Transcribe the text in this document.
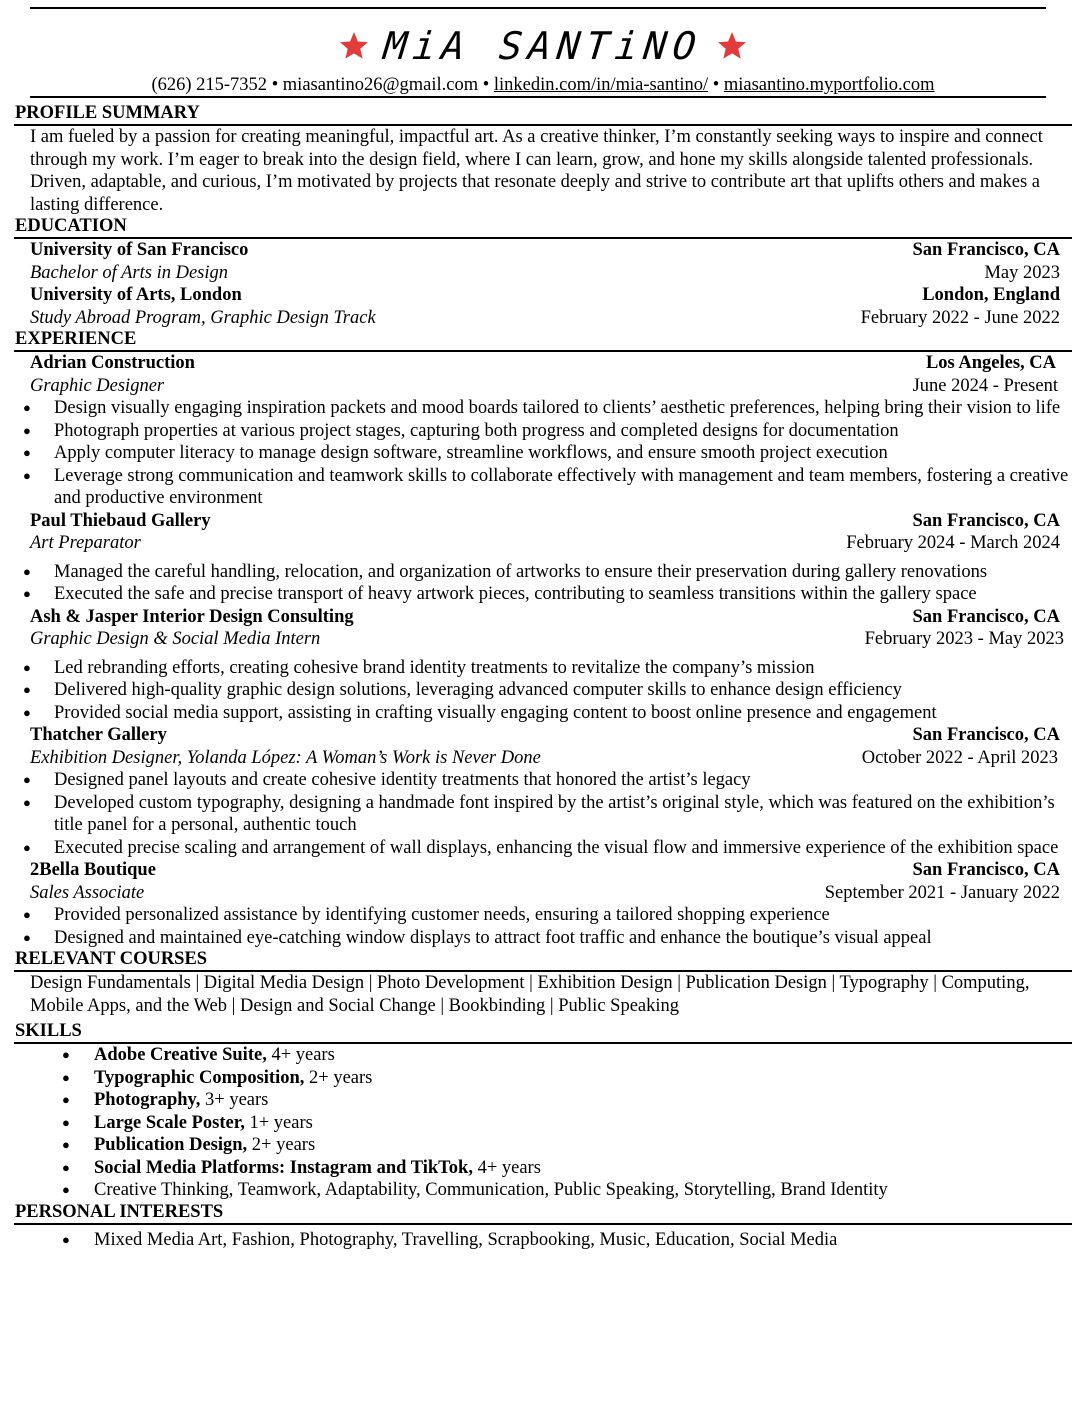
MiA SANTiNO
(626) 215-7352 • miasantino26@gmail.com • linkedin.com/in/mia-santino/ • miasantino.myportfolio.com
PROFILE SUMMARY
I am fueled by a passion for creating meaningful, impactful art. As a creative thinker, I’m constantly seeking ways to inspire and connect through my work. I’m eager to break into the design field, where I can learn, grow, and hone my skills alongside talented professionals. Driven, adaptable, and curious, I’m motivated by projects that resonate deeply and strive to contribute art that uplifts others and makes a lasting difference.
EDUCATION
University of San Francisco	San Francisco, CA
Bachelor of Arts in Design	May 2023
University of Arts, London	London, England
Study Abroad Program, Graphic Design Track	February 2022 - June 2022
EXPERIENCE
Adrian Construction	Los Angeles, CA
Graphic Designer	June 2024 - Present
● Design visually engaging inspiration packets and mood boards tailored to clients’ aesthetic preferences, helping bring their vision to life
● Photograph properties at various project stages, capturing both progress and completed designs for documentation
● Apply computer literacy to manage design software, streamline workflows, and ensure smooth project execution
● Leverage strong communication and teamwork skills to collaborate effectively with management and team members, fostering a creative and productive environment
Paul Thiebaud Gallery	San Francisco, CA
Art Preparator	February 2024 - March 2024
● Managed the careful handling, relocation, and organization of artworks to ensure their preservation during gallery renovations
● Executed the safe and precise transport of heavy artwork pieces, contributing to seamless transitions within the gallery space
Ash & Jasper Interior Design Consulting	San Francisco, CA
Graphic Design & Social Media Intern	February 2023 - May 2023
● Led rebranding efforts, creating cohesive brand identity treatments to revitalize the company’s mission
● Delivered high-quality graphic design solutions, leveraging advanced computer skills to enhance design efficiency
● Provided social media support, assisting in crafting visually engaging content to boost online presence and engagement
Thatcher Gallery	San Francisco, CA
Exhibition Designer, Yolanda López: A Woman’s Work is Never Done	October 2022 - April 2023
● Designed panel layouts and create cohesive identity treatments that honored the artist’s legacy
● Developed custom typography, designing a handmade font inspired by the artist’s original style, which was featured on the exhibition’s title panel for a personal, authentic touch
● Executed precise scaling and arrangement of wall displays, enhancing the visual flow and immersive experience of the exhibition space
2Bella Boutique	San Francisco, CA
Sales Associate	September 2021 - January 2022
● Provided personalized assistance by identifying customer needs, ensuring a tailored shopping experience
● Designed and maintained eye-catching window displays to attract foot traffic and enhance the boutique’s visual appeal
RELEVANT COURSES
Design Fundamentals | Digital Media Design | Photo Development | Exhibition Design | Publication Design | Typography | Computing, Mobile Apps, and the Web | Design and Social Change | Bookbinding | Public Speaking
SKILLS
● Adobe Creative Suite, 4+ years
● Typographic Composition, 2+ years
● Photography, 3+ years
● Large Scale Poster, 1+ years
● Publication Design, 2+ years
● Social Media Platforms: Instagram and TikTok, 4+ years
● Creative Thinking, Teamwork, Adaptability, Communication, Public Speaking, Storytelling, Brand Identity
PERSONAL INTERESTS
● Mixed Media Art, Fashion, Photography, Travelling, Scrapbooking, Music, Education, Social Media
